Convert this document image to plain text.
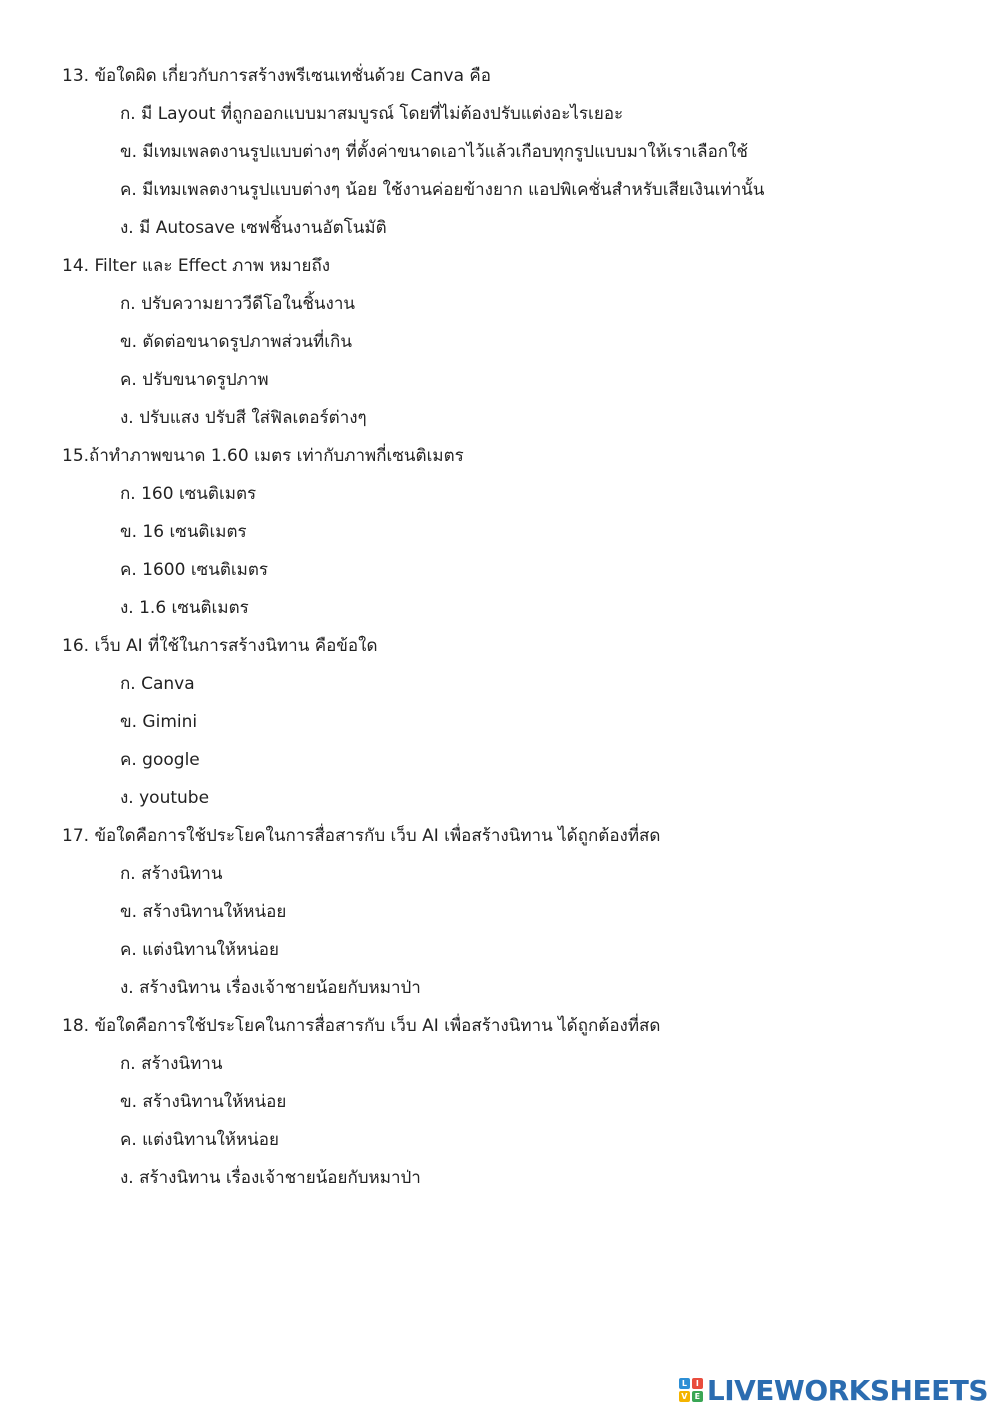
13. ข้อใดผิด เกี่ยวกับการสร้างพรีเซนเทชั่นด้วย Canva คือ
ก. มี Layout ที่ถูกออกแบบมาสมบูรณ์ โดยที่ไม่ต้องปรับแต่งอะไรเยอะ
ข. มีเทมเพลตงานรูปแบบต่างๆ ที่ตั้งค่าขนาดเอาไว้แล้วเกือบทุกรูปแบบมาให้เราเลือกใช้
ค. มีเทมเพลตงานรูปแบบต่างๆ น้อย ใช้งานค่อยข้างยาก แอปพิเคชั่นสำหรับเสียเงินเท่านั้น
ง. มี Autosave เซฟชิ้นงานอัตโนมัติ
14. Filter และ Effect ภาพ หมายถึง
ก. ปรับความยาววีดีโอในชิ้นงาน
ข. ตัดต่อขนาดรูปภาพส่วนที่เกิน
ค. ปรับขนาดรูปภาพ
ง. ปรับแสง ปรับสี ใส่ฟิลเตอร์ต่างๆ
15.ถ้าทำภาพขนาด 1.60 เมตร เท่ากับภาพกี่เซนติเมตร
ก. 160 เซนติเมตร
ข. 16 เซนติเมตร
ค. 1600 เซนติเมตร
ง. 1.6 เซนติเมตร
16. เว็บ AI ที่ใช้ในการสร้างนิทาน คือข้อใด
ก. Canva
ข. Gimini
ค. google
ง. youtube
17. ข้อใดคือการใช้ประโยคในการสื่อสารกับ เว็บ AI เพื่อสร้างนิทาน ได้ถูกต้องที่สด
ก. สร้างนิทาน
ข. สร้างนิทานให้หน่อย
ค. แต่งนิทานให้หน่อย
ง. สร้างนิทาน เรื่องเจ้าชายน้อยกับหมาป่า
18. ข้อใดคือการใช้ประโยคในการสื่อสารกับ เว็บ AI เพื่อสร้างนิทาน ได้ถูกต้องที่สด
ก. สร้างนิทาน
ข. สร้างนิทานให้หน่อย
ค. แต่งนิทานให้หน่อย
ง. สร้างนิทาน เรื่องเจ้าชายน้อยกับหมาป่า
L	I
V E LIVEWORKSHEETS
